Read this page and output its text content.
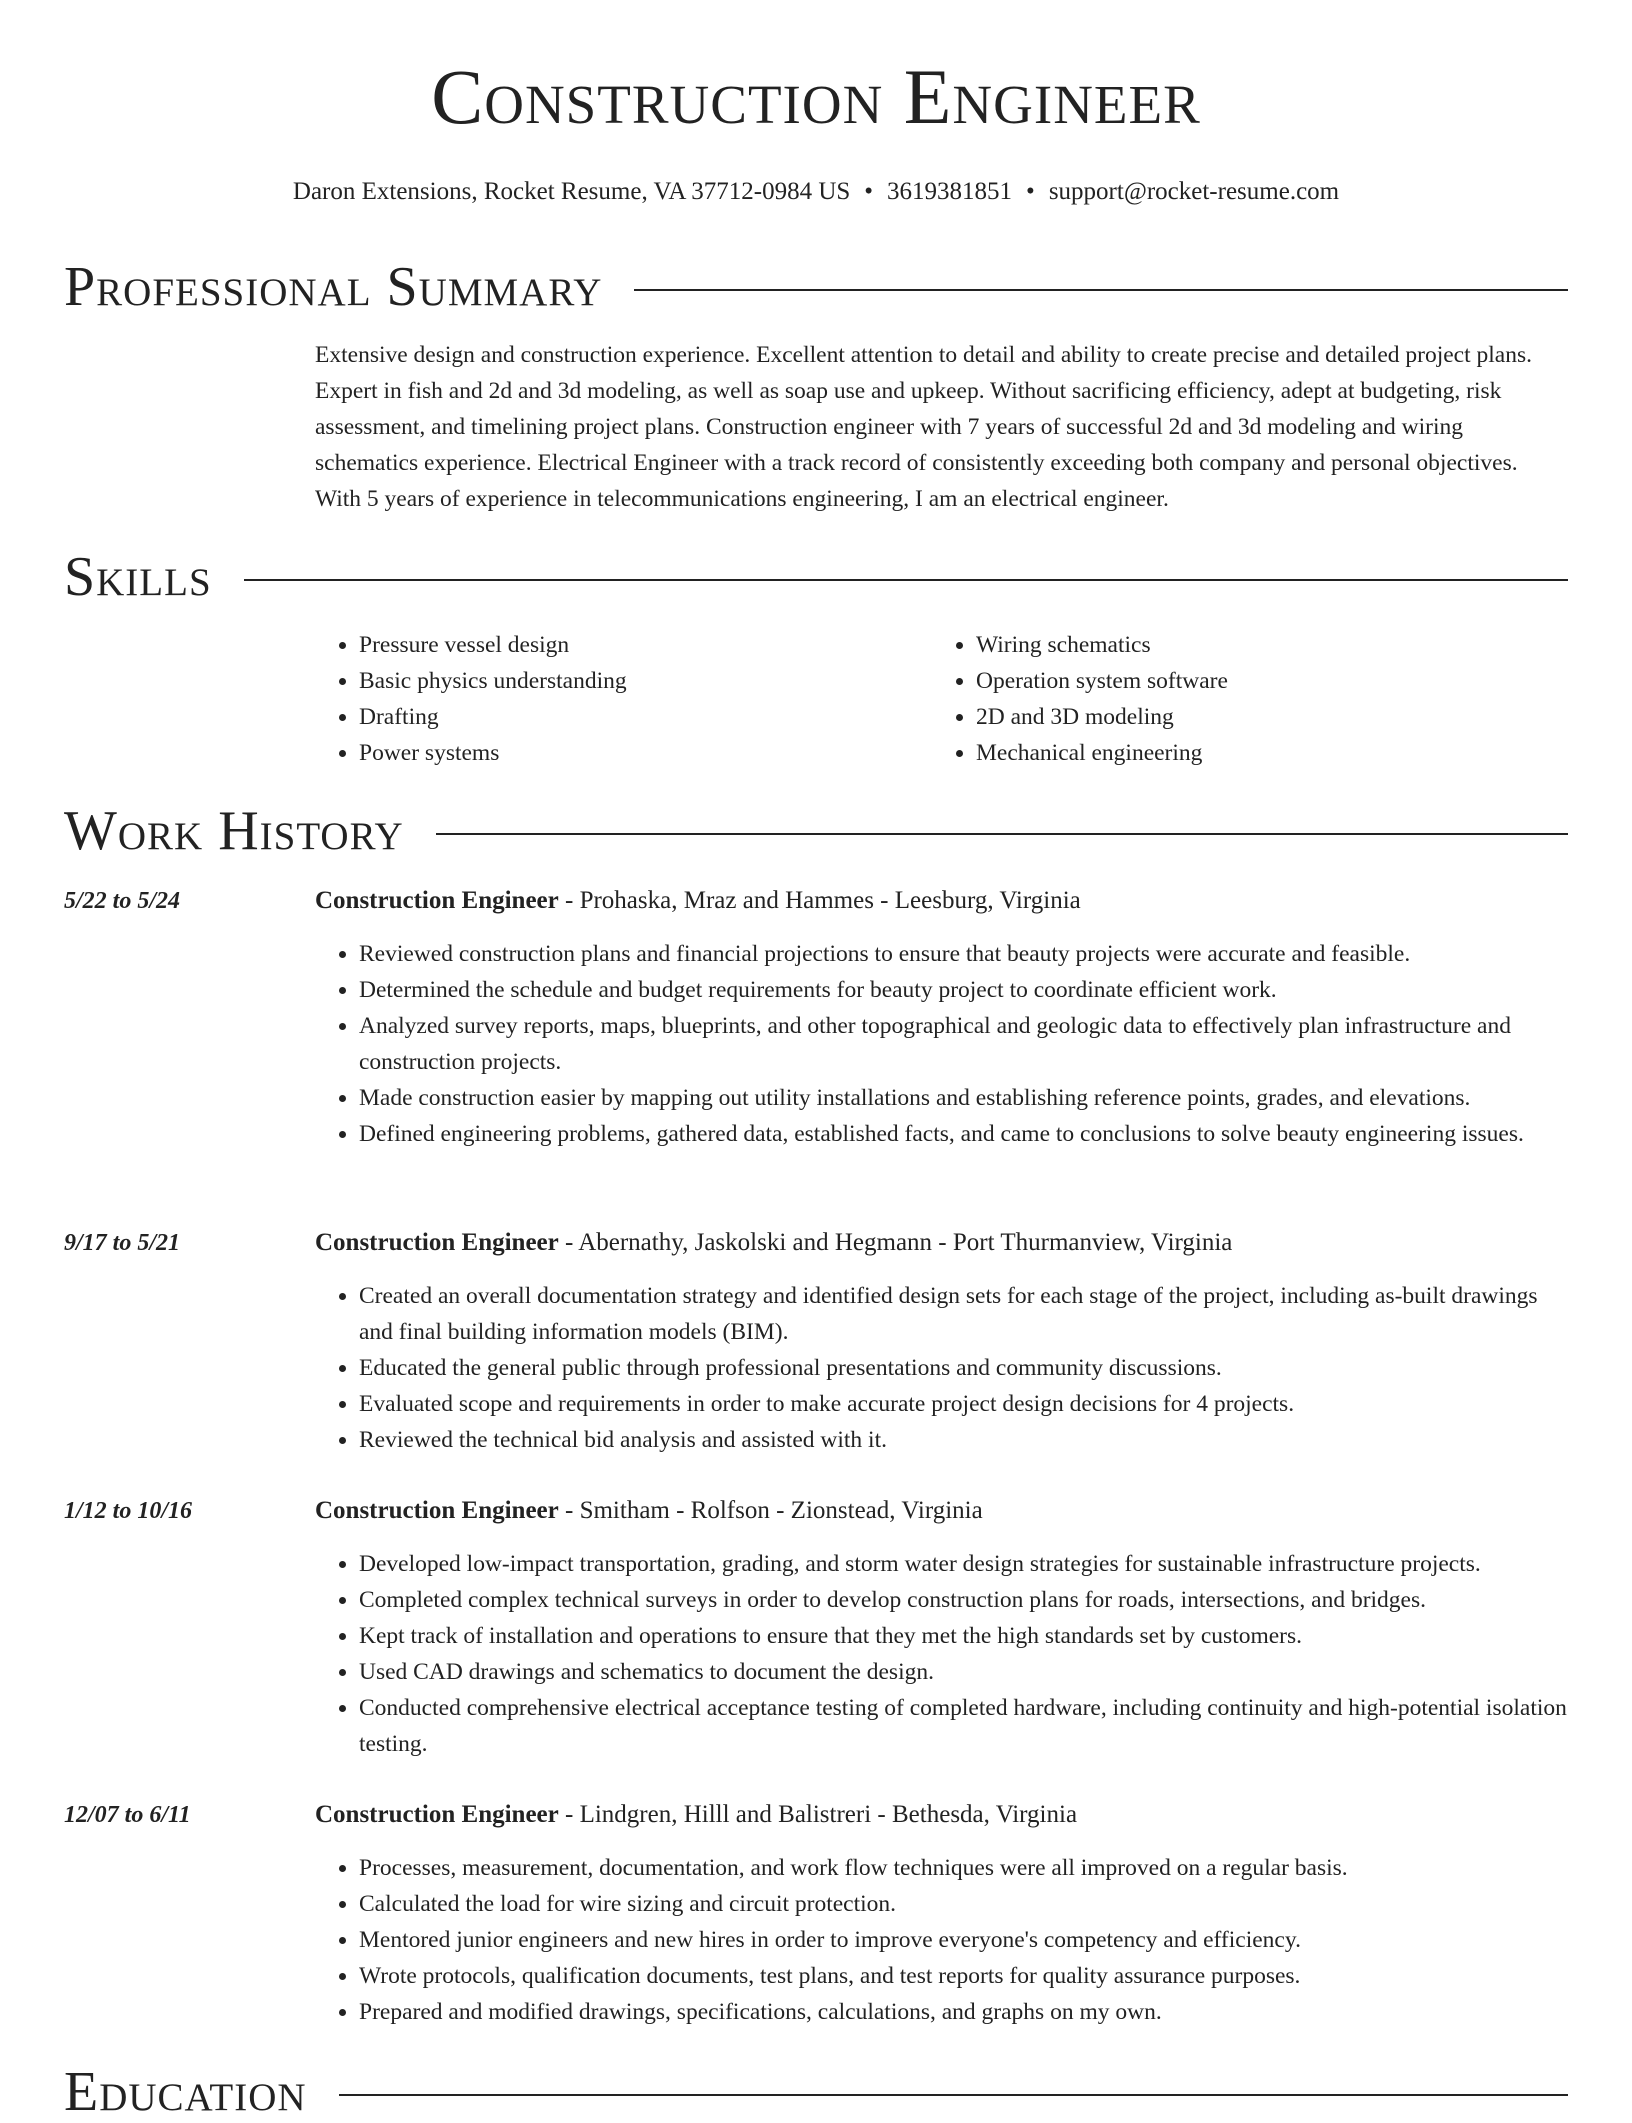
Construction Engineer
Daron Extensions, Rocket Resume, VA 37712-0984 US • 3619381851 • support@rocket-resume.com
Professional Summary

Extensive design and construction experience. Excellent attention to detail and ability to create precise and detailed project plans. Expert in fish and 2d and 3d modeling, as well as soap use and upkeep. Without sacrificing efficiency, adept at budgeting, risk assessment, and timelining project plans. Construction engineer with 7 years of successful 2d and 3d modeling and wiring schematics experience. Electrical Engineer with a track record of consistently exceeding both company and personal objectives. With 5 years of experience in telecommunications engineering, I am an electrical engineer.

Skills
• Pressure vessel design
• Basic physics understanding
• Drafting
• Power systems
• Wiring schematics
• Operation system software
• 2D and 3D modeling
• Mechanical engineering
Work History
5/22 to 5/24	Construction Engineer - Prohaska, Mraz and Hammes - Leesburg, Virginia
• Reviewed construction plans and financial projections to ensure that beauty projects were accurate and feasible.
• Determined the schedule and budget requirements for beauty project to coordinate efficient work.
• Analyzed survey reports, maps, blueprints, and other topographical and geologic data to effectively plan infrastructure and construction projects.
• Made construction easier by mapping out utility installations and establishing reference points, grades, and elevations.
• Defined engineering problems, gathered data, established facts, and came to conclusions to solve beauty engineering issues.
9/17 to 5/21	Construction Engineer - Abernathy, Jaskolski and Hegmann - Port Thurmanview, Virginia
• Created an overall documentation strategy and identified design sets for each stage of the project, including as-built drawings and final building information models (BIM).
• Educated the general public through professional presentations and community discussions.
• Evaluated scope and requirements in order to make accurate project design decisions for 4 projects.
• Reviewed the technical bid analysis and assisted with it.
1/12 to 10/16	Construction Engineer - Smitham - Rolfson - Zionstead, Virginia
• Developed low-impact transportation, grading, and storm water design strategies for sustainable infrastructure projects.
• Completed complex technical surveys in order to develop construction plans for roads, intersections, and bridges.
• Kept track of installation and operations to ensure that they met the high standards set by customers.
• Used CAD drawings and schematics to document the design.
• Conducted comprehensive electrical acceptance testing of completed hardware, including continuity and high-potential isolation testing.
12/07 to 6/11	Construction Engineer - Lindgren, Hilll and Balistreri - Bethesda, Virginia
• Processes, measurement, documentation, and work flow techniques were all improved on a regular basis.
• Calculated the load for wire sizing and circuit protection.
• Mentored junior engineers and new hires in order to improve everyone's competency and efficiency.
• Wrote protocols, qualification documents, test plans, and test reports for quality assurance purposes.
• Prepared and modified drawings, specifications, calculations, and graphs on my own.
Education
